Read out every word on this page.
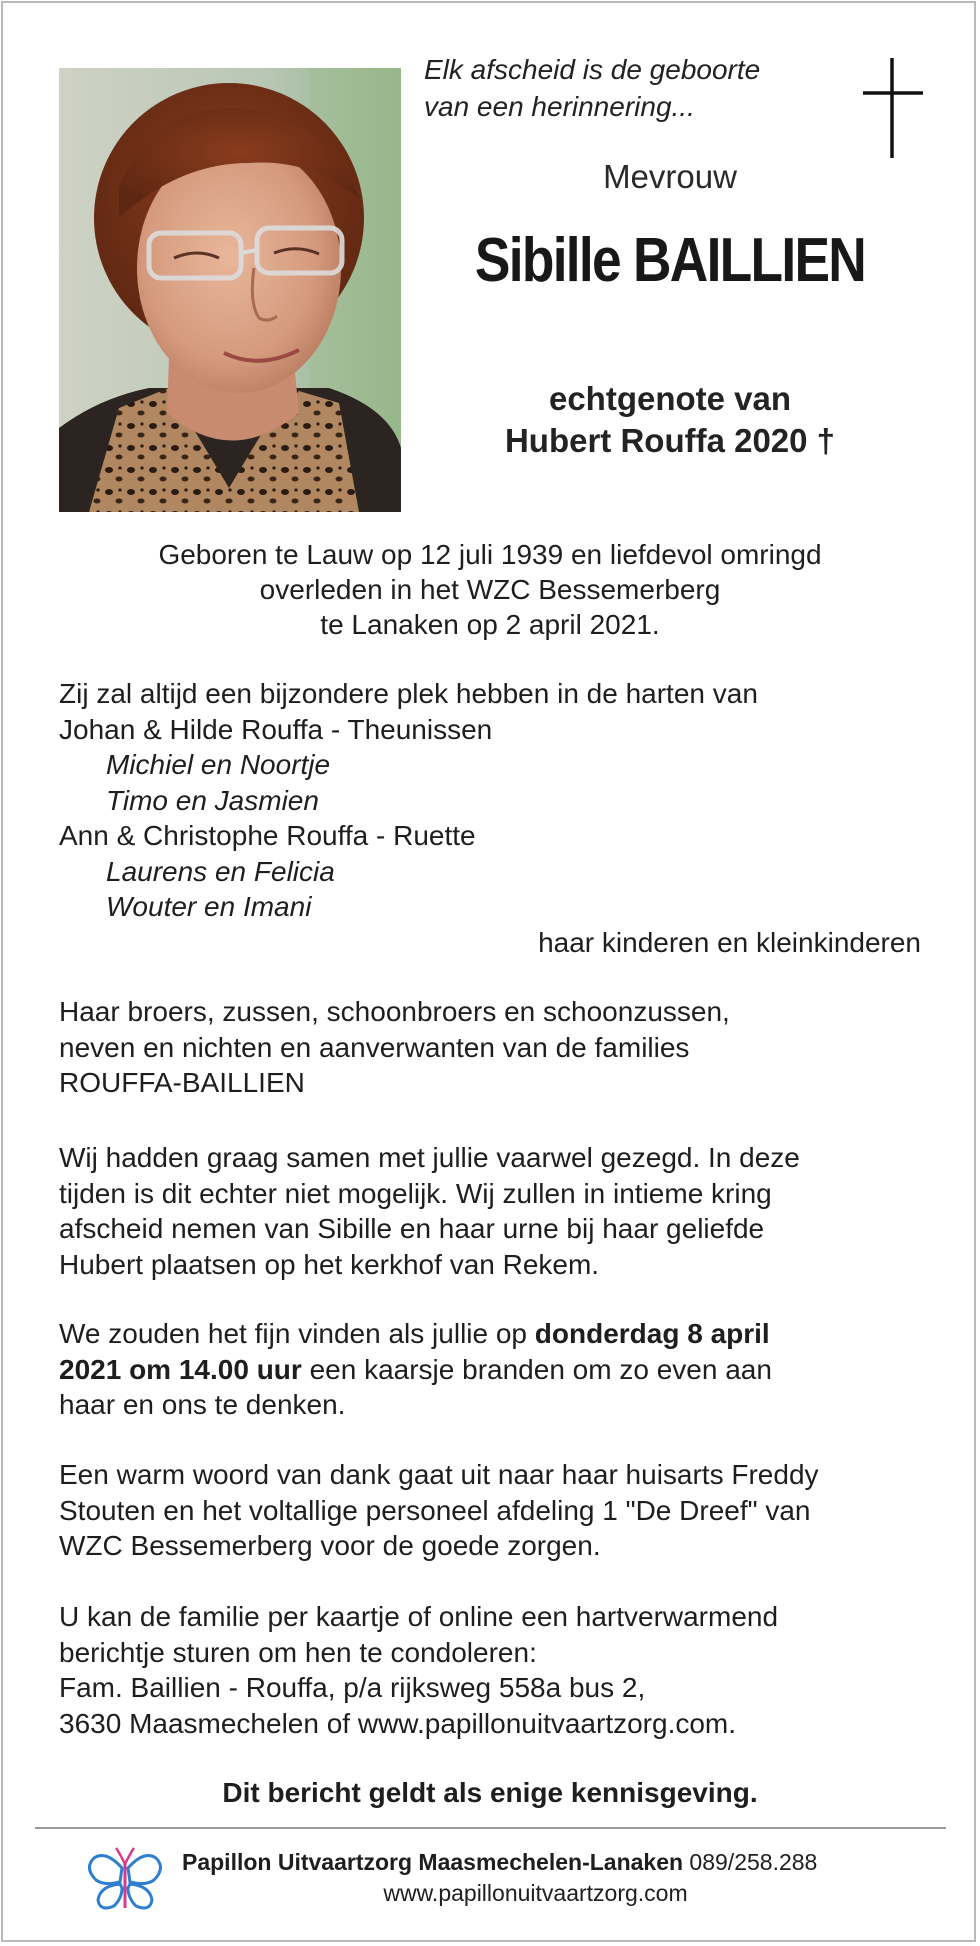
Elk afscheid is de geboorte
van een herinnering...
Mevrouw
Sibille BAILLIEN
echtgenote van
Hubert Rouffa 2020 †
Geboren te Lauw op 12 juli 1939 en liefdevol omringd
overleden in het WZC Bessemerberg
te Lanaken op 2 april 2021.
Zij zal altijd een bijzondere plek hebben in de harten van
Johan & Hilde Rouffa - Theunissen
Michiel en Noortje
Timo en Jasmien
Ann & Christophe Rouffa - Ruette
Laurens en Felicia
Wouter en Imani
haar kinderen en kleinkinderen
Haar broers, zussen, schoonbroers en schoonzussen,
neven en nichten en aanverwanten van de families
ROUFFA-BAILLIEN
Wij hadden graag samen met jullie vaarwel gezegd. In deze
tijden is dit echter niet mogelijk. Wij zullen in intieme kring
afscheid nemen van Sibille en haar urne bij haar geliefde
Hubert plaatsen op het kerkhof van Rekem.
We zouden het fijn vinden als jullie op donderdag 8 april
2021 om 14.00 uur een kaarsje branden om zo even aan
haar en ons te denken.
Een warm woord van dank gaat uit naar haar huisarts Freddy
Stouten en het voltallige personeel afdeling 1 "De Dreef" van
WZC Bessemerberg voor de goede zorgen.
U kan de familie per kaartje of online een hartverwarmend
berichtje sturen om hen te condoleren:
Fam. Baillien - Rouffa, p/a rijksweg 558a bus 2,
3630 Maasmechelen of www.papillonuitvaartzorg.com.
Dit bericht geldt als enige kennisgeving.
Papillon Uitvaartzorg Maasmechelen-Lanaken 089/258.288
www.papillonuitvaartzorg.com
